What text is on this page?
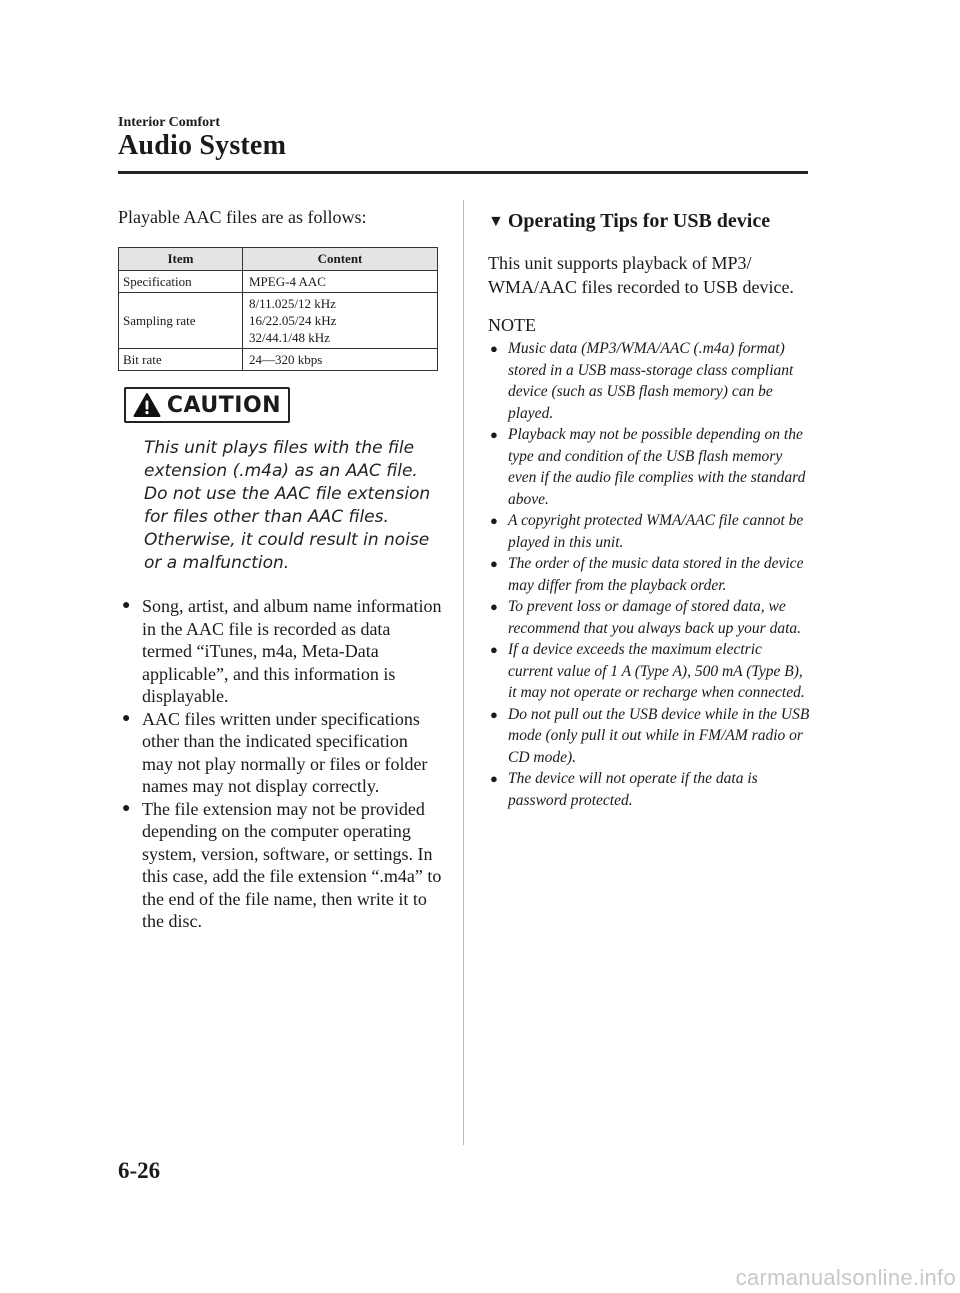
Interior Comfort
Audio System

Playable AAC files are as follows:

Item	Content
Specification	MPEG-4 AAC
Sampling rate	8/11.025/12 kHz
16/22.05/24 kHz
32/44.1/48 kHz

Bit rate	24—320 kbps
CAUTION
This unit plays files with the file extension (.m4a) as an AAC file. Do not use the AAC file extension for files other than AAC files. Otherwise, it could result in noise or a malfunction.
● Song, artist, and album name information in the AAC file is recorded as data termed “iTunes, m4a, Meta-Data applicable”, and this information is displayable.
● AAC files written under specifications other than the indicated specification may not play normally or files or folder names may not display correctly.
● The file extension may not be provided depending on the computer operating system, version, software, or settings. In this case, add the file extension “.m4a” to the end of the file name, then write it to the disc.
▼ Operating Tips for USB device

This unit supports playback of MP3/ WMA/AAC files recorded to USB device.

NOTE

● Music data (MP3/WMA/AAC (.m4a) format) stored in a USB mass-storage class compliant device (such as USB flash memory) can be played.
● Playback may not be possible depending on the type and condition of the USB flash memory even if the audio file complies with the standard above.
● A copyright protected WMA/AAC file cannot be played in this unit.
● The order of the music data stored in the device may differ from the playback order.
● To prevent loss or damage of stored data, we recommend that you always back up your data.
● If a device exceeds the maximum electric current value of 1 A (Type A), 500 mA (Type B), it may not operate or recharge when connected.
● Do not pull out the USB device while in the USB mode (only pull it out while in FM/AM radio or CD mode).
● The device will not operate if the data is password protected.
6-26
carmanualsonline.info
